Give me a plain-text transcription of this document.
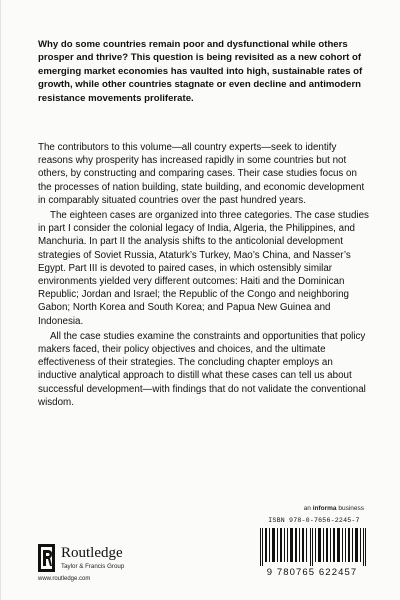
Why do some countries remain poor and dysfunctional while others prosper and thrive? This question is being revisited as a new cohort of emerging market economies has vaulted into high, sustainable rates of growth, while other countries stagnate or even decline and antimodern resistance movements proliferate.

The contributors to this volume—all country experts—seek to identify reasons why prosperity has increased rapidly in some countries but not others, by constructing and comparing cases. Their case studies focus on the processes of nation building, state building, and economic development in comparably situated countries over the past hundred years.

The eighteen cases are organized into three categories. The case studies in part I consider the colonial legacy of India, Algeria, the Philippines, and Manchuria. In part II the analysis shifts to the anticolonial development strategies of Soviet Russia, Ataturk’s Turkey, Mao’s China, and Nasser’s Egypt. Part III is devoted to paired cases, in which ostensibly similar environments yielded very different outcomes: Haiti and the Dominican Republic; Jordan and Israel; the Republic of the Congo and neighboring Gabon; North Korea and South Korea; and Papua New Guinea and Indonesia.

All the case studies examine the constraints and opportunities that policy makers faced, their policy objectives and choices, and the ultimate effectiveness of their strategies. The concluding chapter employs an inductive analytical approach to distill what these cases can tell us about successful development—with findings that do not validate the conventional wisdom.

an informa business
ISBN 978-0-7656-2245-7
9 780765 622457
Routledge
Taylor & Francis Group
www.routledge.com
